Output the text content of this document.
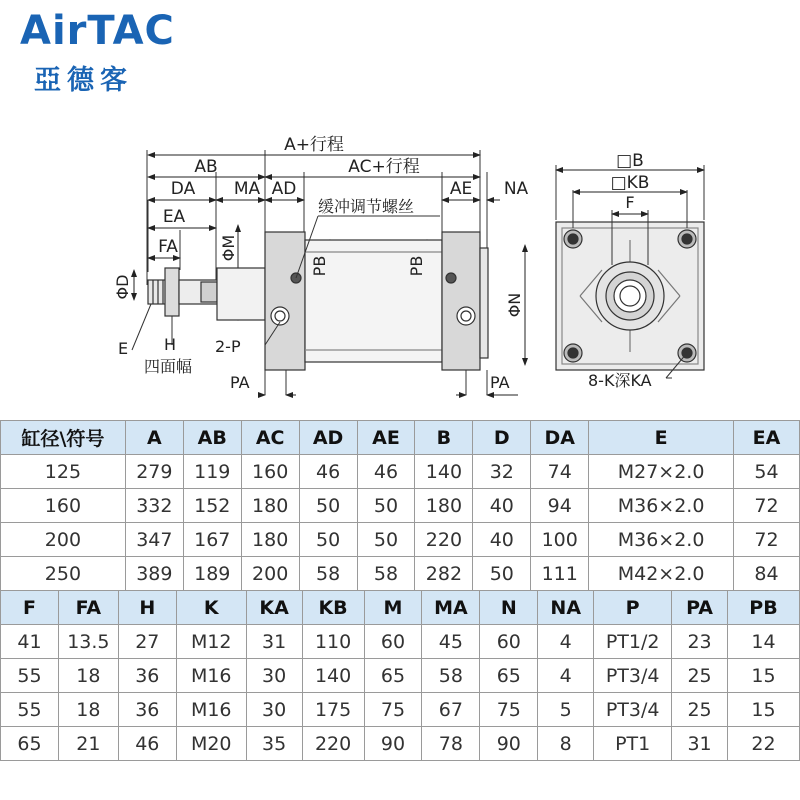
AirTAC
亞德客
A+行程
AB	AC+行程
DA MA AD	AE NA
EA
FA
缓冲调节螺丝
ΦM
PB	PB
ΦN
ΦD
E H
四面幅
2-P
PA	PA
□B
□KB
F
8-K深KA
缸径\符号	A	AB	AC	AD	AE	B	D	DA	E	EA
125	279	119	160	46	46	140	32	74	M27×2.0	54
160	332	152	180	50	50	180	40	94	M36×2.0	72
200	347	167	180	50	50	220	40	100	M36×2.0	72
250	389	189	200	58	58	282	50	111	M42×2.0	84
F	FA	H	K	KA	KB	M	MA	N	NA	P	PA	PB
41	13.5	27	M12	31	110	60	45	60	4	PT1/2	23	14
55	18	36	M16	30	140	65	58	65	4	PT3/4	25	15
55	18	36	M16	30	175	75	67	75	5	PT3/4	25	15
65	21	46	M20	35	220	90	78	90	8	PT1	31	22
